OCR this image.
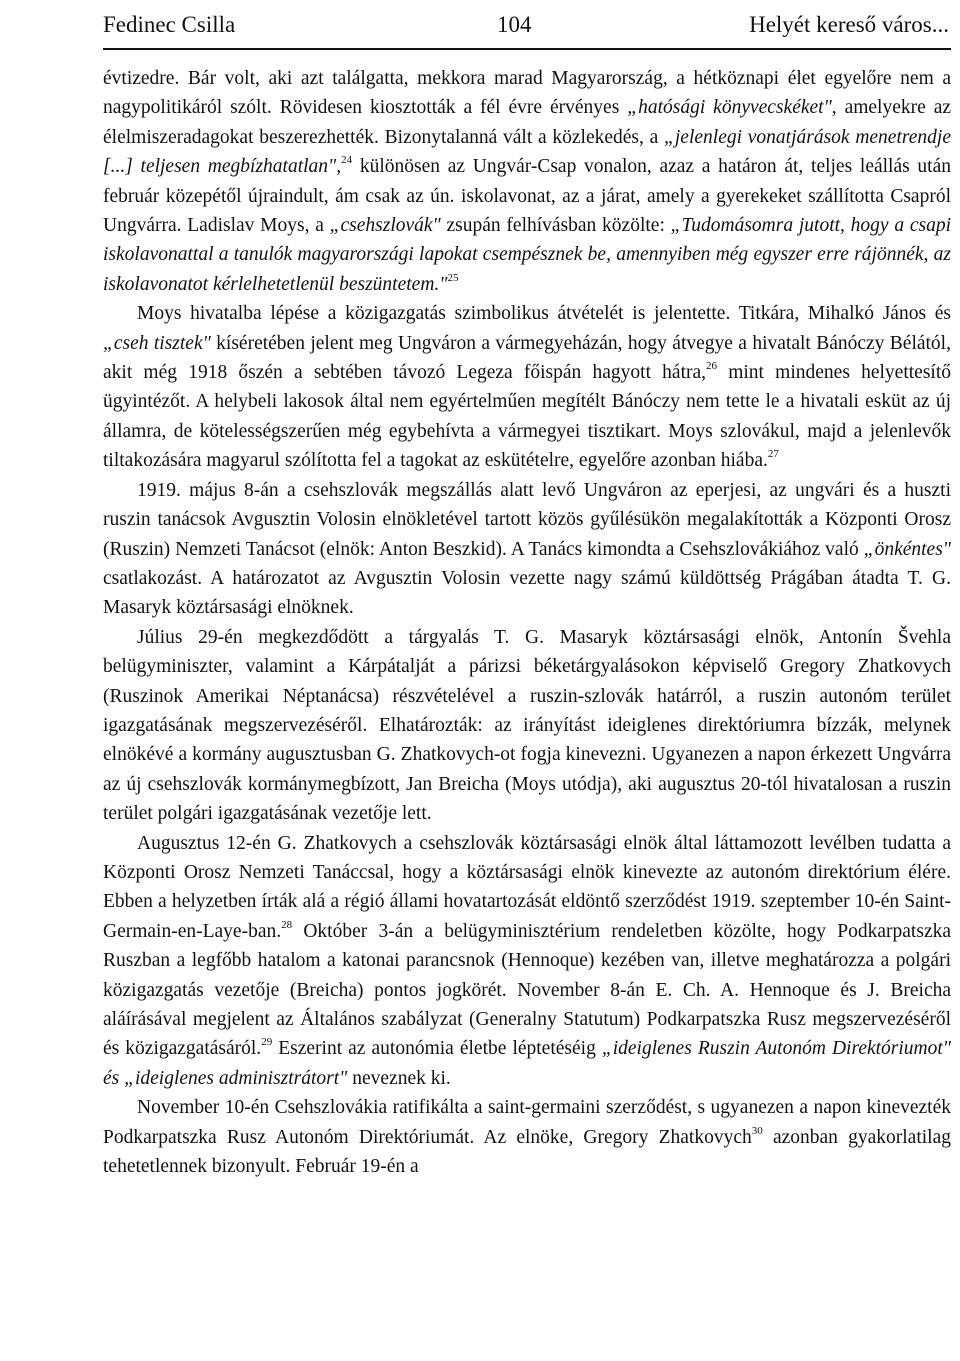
Fedinec Csilla	104	Helyét kereső város...

évtizedre. Bár volt, aki azt találgatta, mekkora marad Magyarország, a hétköznapi élet egyelőre nem a nagypolitikáról szólt. Rövidesen kiosztották a fél évre érvényes „hatósági könyvecskéket", amelyekre az élelmiszeradagokat beszerezhették. Bizonytalanná vált a közlekedés, a „jelenlegi vonatjárások menetrendje [...] teljesen megbízhatatlan",$^{24}$ különösen az Ungvár-Csap vonalon, azaz a határon át, teljes leállás után február közepétől újraindult, ám csak az ún. iskolavonat, az a járat, amely a gyerekeket szállította Csapról Ungvárra. Ladislav Moys, a „csehszlovák" zsupán felhívásban közölte: „Tudomásomra jutott, hogy a csapi iskolavonattal a tanulók magyarországi lapokat csempésznek be, amennyiben még egyszer erre rájönnék, az iskolavonatot kérlelhetetlenül beszüntetem."$^{25}$

Moys hivatalba lépése a közigazgatás szimbolikus átvételét is jelentette. Titkára, Mihalkó János és „cseh tisztek" kíséretében jelent meg Ungváron a vármegyeházán, hogy átvegye a hivatalt Bánóczy Bélától, akit még 1918 őszén a sebtében távozó Legeza főispán hagyott hátra,$^{26}$ mint mindenes helyettesítő ügyintézőt. A helybeli lakosok által nem egyértelműen megítélt Bánóczy nem tette le a hivatali esküt az új államra, de kötelességszerűen még egybehívta a vármegyei tisztikart. Moys szlovákul, majd a jelenlevők tiltakozására magyarul szólította fel a tagokat az eskütételre, egyelőre azonban hiába.$^{27}$

1919. május 8-án a csehszlovák megszállás alatt levő Ungváron az eperjesi, az ungvári és a huszti ruszin tanácsok Avgusztin Volosin elnökletével tartott közös gyűlésükön megalakították a Központi Orosz (Ruszin) Nemzeti Tanácsot (elnök: Anton Beszkid). A Tanács kimondta a Csehszlovákiához való „önkéntes" csatlakozást. A határozatot az Avgusztin Volosin vezette nagy számú küldöttség Prágában átadta T. G. Masaryk köztársasági elnöknek.

Július 29-én megkezdődött a tárgyalás T. G. Masaryk köztársasági elnök, Antonín Švehla belügyminiszter, valamint a Kárpátalját a párizsi béketárgyalásokon képviselő Gregory Zhatkovych (Ruszinok Amerikai Néptanácsa) részvételével a ruszin-szlovák határról, a ruszin autonóm terület igazgatásának megszervezéséről. Elhatározták: az irányítást ideiglenes direktóriumra bízzák, melynek elnökévé a kormány augusztusban G. Zhatkovych-ot fogja kinevezni. Ugyanezen a napon érkezett Ungvárra az új csehszlovák kormánymegbízott, Jan Breicha (Moys utódja), aki augusztus 20-tól hivatalosan a ruszin terület polgári igazgatásának vezetője lett.

Augusztus 12-én G. Zhatkovych a csehszlovák köztársasági elnök által láttamozott levélben tudatta a Központi Orosz Nemzeti Tanáccsal, hogy a köztársasági elnök kinevezte az autonóm direktórium élére. Ebben a helyzetben írták alá a régió állami hovatartozását eldöntő szerződést 1919. szeptember 10-én Saint-Germain-en-Laye-ban.$^{28}$ Október 3-án a belügyminisztérium rendeletben közölte, hogy Podkarpatszka Ruszban a legfőbb hatalom a katonai parancsnok (Hennoque) kezében van, illetve meghatározza a polgári közigazgatás vezetője (Breicha) pontos jogkörét. November 8-án E. Ch. A. Hennoque és J. Breicha aláírásával megjelent az Általános szabályzat (Generalny Statutum) Podkarpatszka Rusz megszervezéséről és közigazgatásáról.$^{29}$ Eszerint az autonómia életbe léptetéséig „ideiglenes Ruszin Autonóm Direktóriumot" és „ideiglenes adminisztrátort" neveznek ki.

November 10-én Csehszlovákia ratifikálta a saint-germaini szerződést, s ugyanezen a napon kinevezték Podkarpatszka Rusz Autonóm Direktóriumát. Az elnöke, Gregory Zhatkovych$^{30}$ azonban gyakorlatilag tehetetlennek bizonyult. Február 19-én a
